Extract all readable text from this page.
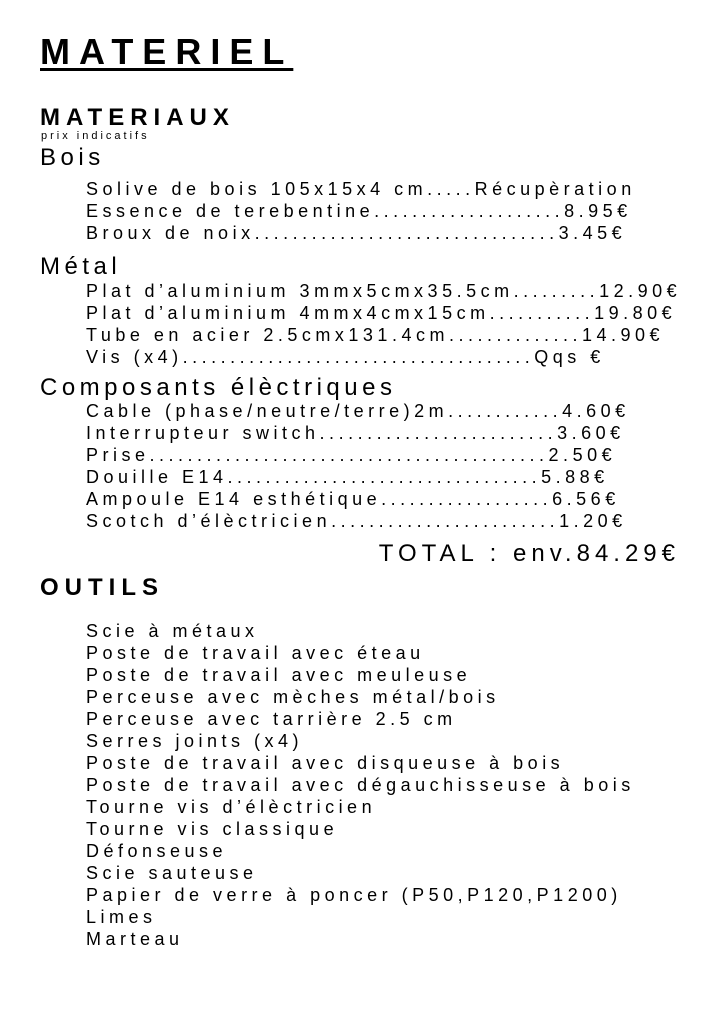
MATERIEL
MATERIAUX
prix indicatifs
Bois
Solive de bois 105x15x4 cm.....Récupèration
Essence de terebentine....................8.95€
Broux de noix................................3.45€
Métal
Plat d’aluminium 3mmx5cmx35.5cm.........12.90€
Plat d’aluminium 4mmx4cmx15cm...........19.80€
Tube en acier 2.5cmx131.4cm..............14.90€
Vis (x4).....................................Qqs €
Composants élèctriques
Cable (phase/neutre/terre)2m............4.60€
Interrupteur switch.........................3.60€
Prise..........................................2.50€
Douille E14.................................5.88€
Ampoule E14 esthétique..................6.56€
Scotch d’élèctricien........................1.20€
TOTAL : env.84.29€
OUTILS
Scie à métaux
Poste de travail avec éteau
Poste de travail avec meuleuse
Perceuse avec mèches métal/bois
Perceuse avec tarrière 2.5 cm
Serres joints (x4)
Poste de travail avec disqueuse à bois
Poste de travail avec dégauchisseuse à bois
Tourne vis d’élèctricien
Tourne vis classique
Défonseuse
Scie sauteuse
Papier de verre à poncer (P50,P120,P1200)
Limes
Marteau
